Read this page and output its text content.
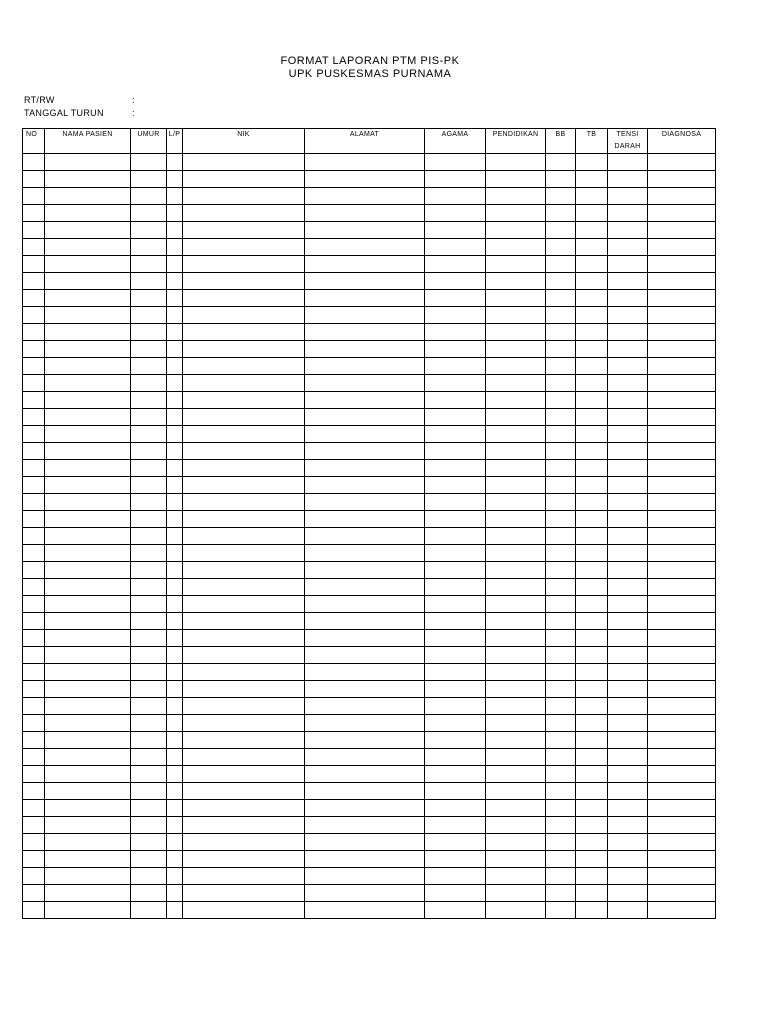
FORMAT LAPORAN PTM PIS-PK
UPK PUSKESMAS PURNAMA
RT/RW	:
TANGGAL TURUN	:
NO	NAMA PASIEN	UMUR	L/P	NIK	ALAMAT	AGAMA	PENDIDIKAN	BB	TB	TENSI DARAH	DIAGNOSA
